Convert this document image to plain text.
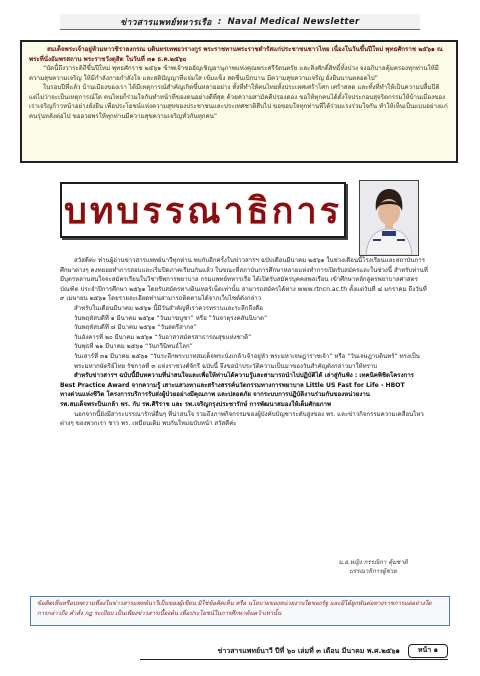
ข่าวสารแพทย์ทหารเรือ : Naval Medical Newsletter
สมเด็จพระเจ้าอยู่หัวมหาวชิราลงกรณ บดินทรเทพยวรางกูร พระราชทานพระราชดำรัสแก่ประชาชนชาวไทย เนื่องในวันขึ้นปีใหม่ พุทธศักราช ๒๕๖๑ ณ พระที่นั่งอัมพรสถาน พระราชวังดุสิต ในวันที่ ๓๑ ธ.ค.๒๕๖๐

“บัดนี้ถึงวาระดิถีขึ้นปีใหม่ พุทธศักราช ๒๕๖๑ ข้าพเจ้าขออัญเชิญอานุภาพแห่งคุณพระศรีรัตนตรัย และสิ่งศักดิ์สิทธิ์ทั้งปวง จงอภิบาลคุ้มครองทุกท่านให้มีความสุขความเจริญ ให้มีกำลังกายกำลังใจ และสติปัญญาที่แจ่มใส เข้มแข็ง สดชื่นเบิกบาน มีความสุขความเจริญ ยั่งยืนนานตลอดไป”

ในรอบปีที่แล้ว บ้านเมืองของเรา ได้มีเหตุการณ์สำคัญเกิดขึ้นหลายอย่าง ทั้งที่ทำให้คนไทยทั้งประเทศเศร้าโศก เศร้าสลด และทั้งที่ทำให้เป็นความปลื้มปีติ แต่ไม่ว่าจะเป็นเหตุการณ์ใด คนไทยก็ร่วมใจกันทำหน้าที่ของตนอย่างดีที่สุด ด้วยความสามัคคีปรองดอง ขอให้ทุกคนได้ตั้งใจประกอบสุจริตกรรมให้บ้านเมืองของเราเจริญก้าวหน้าอย่างยั่งยืน เพื่อประโยชน์แห่งความสุขของประชาชนและประเทศชาติสืบไป ขอขอบใจทุกท่านที่ได้ร่วมแรงร่วมใจกัน ทำให้เห็นเป็นแบบอย่างแก่คนรุ่นหลังต่อไป ขออวยพรให้ทุกท่านมีความสุขความเจริญทั่วกันทุกคน”

บทบรรณาธิการ

สวัสดีค่ะ ท่านผู้อ่านข่าวสารแพทย์นาวีทุกท่าน พบกับอีกครั้งในข่าวสารฯ ฉบับเดือนมีนาคม ๒๕๖๑ ในช่วงเดือนนี้โรงเรียนและสถาบันการศึกษาต่างๆ คงทยอยทำการสอบและเริ่มปิดภาคเรียนกันแล้ว ในขณะที่สถาบันการศึกษาหลายแห่งทำการเปิดรับสมัครและในช่วงนี้ สำหรับท่านที่มีบุตรหลานสนใจจะสมัครเรียนในวิชาชีพการพยาบาล กรมแพทย์ทหารเรือ ได้เปิดรับสมัครบุคคลพลเรือน เข้าศึกษาหลักสูตรพยาบาลศาสตรบัณฑิต ประจำปีการศึกษา ๒๕๖๑ โดยรับสมัครทางอินเทอร์เน็ตเท่านั้น สามารถสมัครได้ทาง www.rtncn.ac.th ตั้งแต่วันที่ ๘ มกราคม ถึงวันที่ ๙ เมษายน ๒๕๖๑ โดยรายละเอียดท่านสามารถติดตามได้จากเว็บไซต์ดังกล่าว

สำหรับในเดือนมีนาคม ๒๕๖๑ นี้มีวันสำคัญที่เราควรทราบและระลึกถึงคือ

วันพฤหัสบดีที่ ๑ มีนาคม ๒๕๖๑ “วันมาฆบูชา” หรือ “วันจาตุรงคสันนิบาต”

วันพฤหัสบดีที่ ๘ มีนาคม ๒๕๖๑ “วันสตรีสากล”

วันอังคารที่ ๒๐ มีนาคม ๒๕๖๑ “วันอาสาสมัครสาธารณสุขแห่งชาติ”

วันพุธที่ ๒๑ มีนาคม ๒๕๖๑ “วันกวีนิพนธ์โลก”

วันเสาร์ที่ ๓๑ มีนาคม ๒๕๖๑ “วันระลึกพระบาทสมเด็จพระนั่งเกล้าเจ้าอยู่หัว พระมหาเจษฎาราชเจ้า” หรือ “วันเจษฎาบดินทร์” ทรงเป็นพระมหากษัตริย์ไทย รัชกาลที่ ๓ แห่งราชวงศ์จักรี ฉบับนี้ จึงขอนำประวัติความเป็นมาของวันสำคัญดังกล่าวมาให้ทราบ

สำหรับข่าวสารฯ ฉบับนี้มีบทความที่น่าสนใจและเพื่อให้ท่านได้ความรู้และสามารถนำไปปฏิบัติได้ เล่าสู่กันฟัง : เทคนิคพิชิตโครงการ Best Practice Award จากความรู้ เสาะแสวงหาและสร้างสรรค์นวัตกรรมทางการพยาบาล Little US Fast for Life - HBOT ทางด่วนแห่งชีวิต โครงการบริการรับส่งผู้ป่วยอย่างมีคุณภาพ และปลอดภัย จากระบบการปฏิบัติงานร่วมกันของหน่วยงาน รพ.สมเด็จพระปิ่นเกล้า พร. กับ รพ.ศิริราช และ รพ.เจริญกรุงประชารักษ์ การพัฒนาสมองให้เต็มศักยภาพ

นอกจากนี้ยังมีสาระบรรณารักษ์อื่นๆ ที่น่าสนใจ รวมถึงภาพกิจกรรมของผู้บังคับบัญชาระดับสูงของ พร. และข่าวกิจกรรมความเคลื่อนไหวต่างๆ ของพวกเรา ชาว พร. เหมือนเดิม พบกันใหม่ฉบับหน้า สวัสดีค่ะ

น.อ.หญิง กรรณิกา คุ้มชาติ
บรรณาธิการผู้ช่วย
ข้อคิดเห็นหรือบทความที่ลงในข่าวสารแพทย์นาวีเป็นของผู้เขียน มิใช่ข้อคิดเห็น หรือ นโยบายของหน่วยงานใดของรัฐ และมิได้ผูกพันต่อทางราชการแต่อย่างใด การกล่าวถึง คำสั่ง กฎ ระเบียบ เป็นเพียงข่าวสารเบื้องต้น เพื่อประโยชน์ในการศึกษาค้นคว้าเท่านั้น
ข่าวสารแพทย์นาวี ปีที่ ๖๐ เล่มที่ ๓ เดือน มีนาคม พ.ศ.๒๕๖๑	หน้า ๑
